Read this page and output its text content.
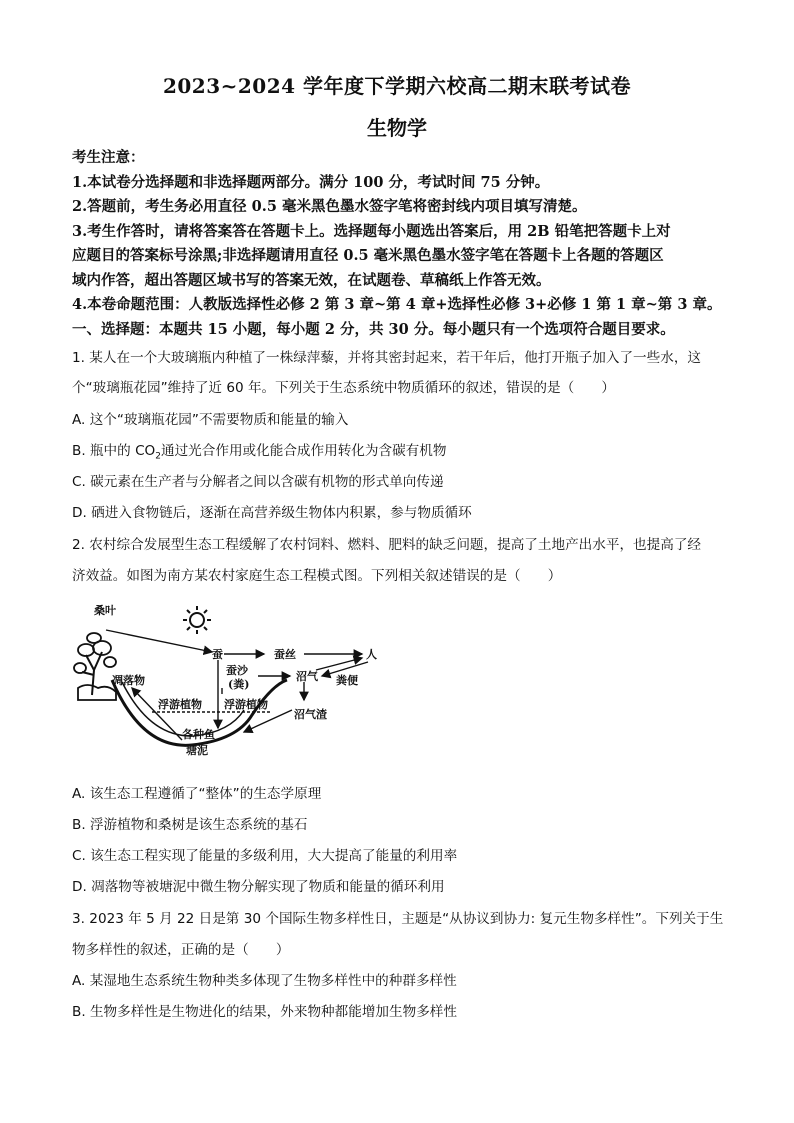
2023~2024 学年度下学期六校高二期末联考试卷
生物学
考生注意：
1.本试卷分选择题和非选择题两部分。满分 100 分，考试时间 75 分钟。
2.答题前，考生务必用直径 0.5 毫米黑色墨水签字笔将密封线内项目填写清楚。
3.考生作答时，请将答案答在答题卡上。选择题每小题选出答案后，用 2B 铅笔把答题卡上对
应题目的答案标号涂黑;非选择题请用直径 0.5 毫米黑色墨水签字笔在答题卡上各题的答题区
域内作答，超出答题区域书写的答案无效，在试题卷、草稿纸上作答无效。
4.本卷命题范围：人教版选择性必修 2 第 3 章~第 4 章+选择性必修 3+必修 1 第 1 章~第 3 章。
一、选择题：本题共 15 小题，每小题 2 分，共 30 分。每小题只有一个选项符合题目要求。
1. 某人在一个大玻璃瓶内种植了一株绿萍藜，并将其密封起来，若干年后，他打开瓶子加入了一些水，这
个“玻璃瓶花园”维持了近 60 年。下列关于生态系统中物质循环的叙述，错误的是（　　）
A. 这个“玻璃瓶花园”不需要物质和能量的输入
B. 瓶中的 $CO_2$通过光合作用或化能合成作用转化为含碳有机物
C. 碳元素在生产者与分解者之间以含碳有机物的形式单向传递
D. 硒进入食物链后，逐渐在高营养级生物体内积累，参与物质循环
2. 农村综合发展型生态工程缓解了农村饲料、燃料、肥料的缺乏问题，提高了土地产出水平，也提高了经
济效益。如图为南方某农村家庭生态工程模式图。下列相关叙述错误的是（　　）
桑叶
蚕	蚕丝	人
凋落物
蚕沙
(粪)
沼气 粪便
浮游植物 浮游植物
沼气渣
各种鱼
塘泥
A. 该生态工程遵循了“整体”的生态学原理
B. 浮游植物和桑树是该生态系统的基石
C. 该生态工程实现了能量的多级利用，大大提高了能量的利用率
D. 凋落物等被塘泥中微生物分解实现了物质和能量的循环利用
3. 2023 年 5 月 22 日是第 30 个国际生物多样性日，主题是“从协议到协力: 复元生物多样性”。下列关于生
物多样性的叙述，正确的是（　　）
A. 某湿地生态系统生物种类多体现了生物多样性中的种群多样性
B. 生物多样性是生物进化的结果，外来物种都能增加生物多样性
